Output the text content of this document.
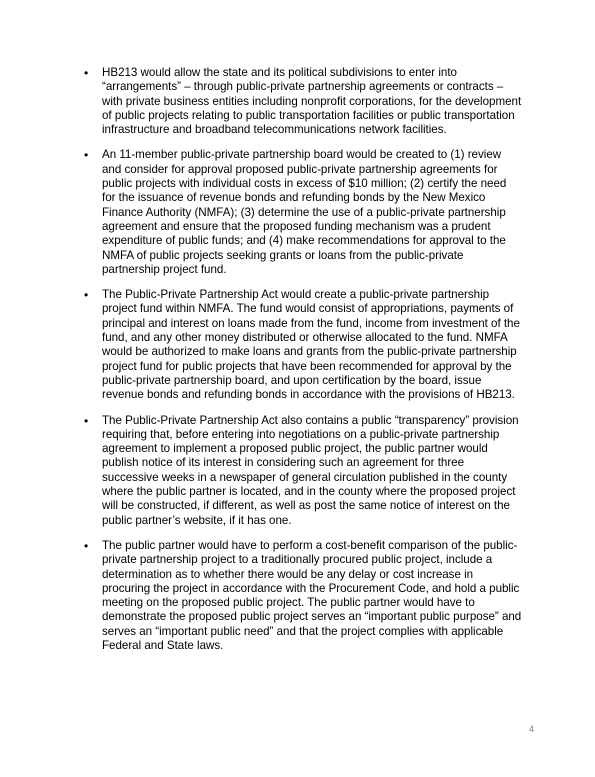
• HB213 would allow the state and its political subdivisions to enter into “arrangements” – through public-private partnership agreements or contracts – with private business entities including nonprofit corporations, for the development of public projects relating to public transportation facilities or public transportation infrastructure and broadband telecommunications network facilities.
• An 11-member public-private partnership board would be created to (1) review and consider for approval proposed public-private partnership agreements for public projects with individual costs in excess of $10 million; (2) certify the need for the issuance of revenue bonds and refunding bonds by the New Mexico Finance Authority (NMFA); (3) determine the use of a public-private partnership agreement and ensure that the proposed funding mechanism was a prudent expenditure of public funds; and (4) make recommendations for approval to the NMFA of public projects seeking grants or loans from the public-private partnership project fund.
• The Public-Private Partnership Act would create a public-private partnership project fund within NMFA. The fund would consist of appropriations, payments of principal and interest on loans made from the fund, income from investment of the fund, and any other money distributed or otherwise allocated to the fund. NMFA would be authorized to make loans and grants from the public-private partnership project fund for public projects that have been recommended for approval by the public-private partnership board, and upon certification by the board, issue revenue bonds and refunding bonds in accordance with the provisions of HB213.
• The Public-Private Partnership Act also contains a public “transparency” provision requiring that, before entering into negotiations on a public-private partnership agreement to implement a proposed public project, the public partner would publish notice of its interest in considering such an agreement for three successive weeks in a newspaper of general circulation published in the county where the public partner is located, and in the county where the proposed project will be constructed, if different, as well as post the same notice of interest on the public partner’s website, if it has one.
• The public partner would have to perform a cost-benefit comparison of the public-private partnership project to a traditionally procured public project, include a determination as to whether there would be any delay or cost increase in procuring the project in accordance with the Procurement Code, and hold a public meeting on the proposed public project. The public partner would have to demonstrate the proposed public project serves an “important public purpose” and serves an “important public need” and that the project complies with applicable Federal and State laws.
4
